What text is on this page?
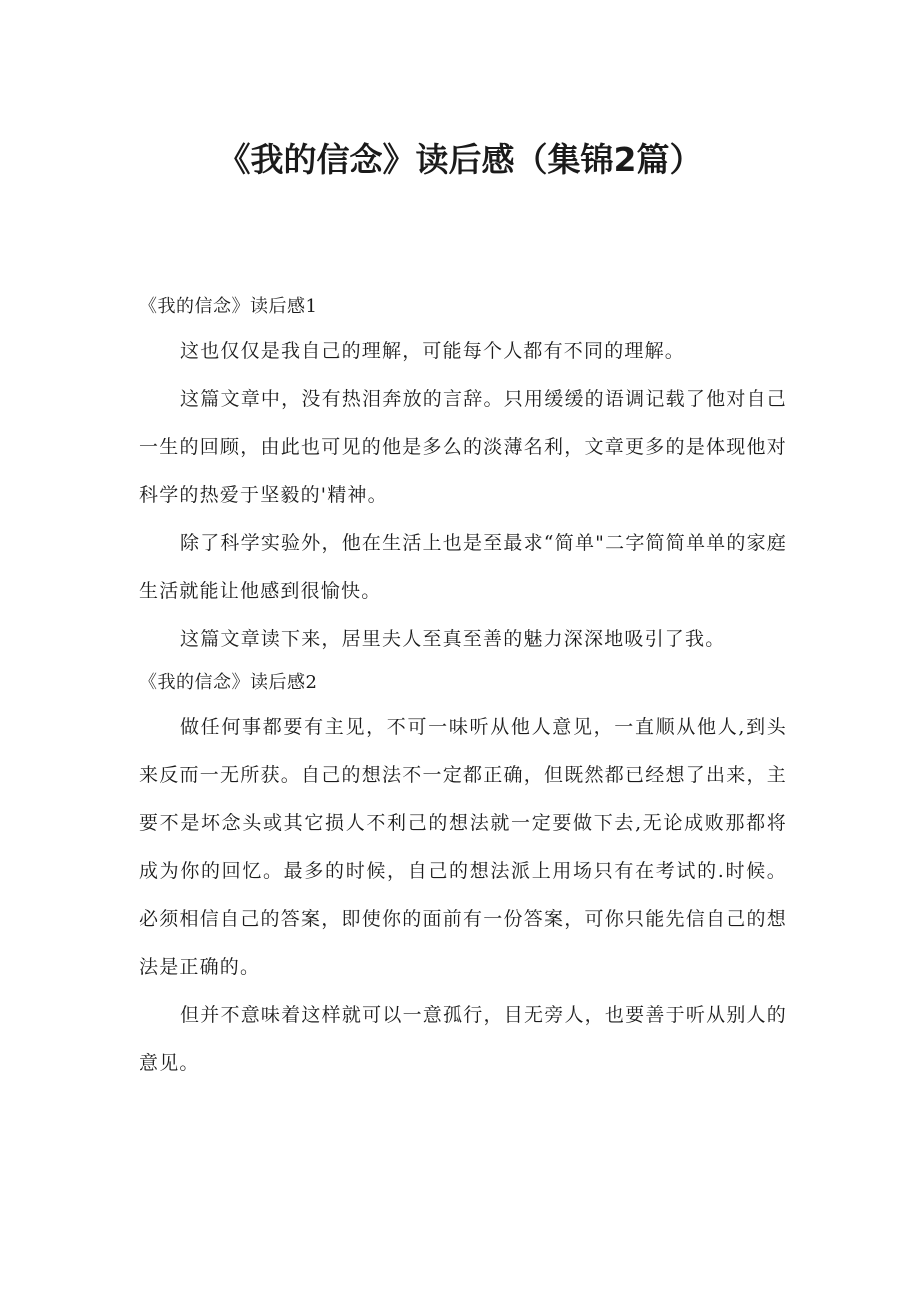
《我的信念》读后感（集锦2篇）
《我的信念》读后感1

这也仅仅是我自己的理解，可能每个人都有不同的理解。

这篇文章中，没有热泪奔放的言辞。只用缓缓的语调记载了他对自己一生的回顾，由此也可见的他是多么的淡薄名利，文章更多的是体现他对科学的热爱于坚毅的'精神。

除了科学实验外，他在生活上也是至最求“简单"二字简简单单的家庭生活就能让他感到很愉快。

这篇文章读下来，居里夫人至真至善的魅力深深地吸引了我。

《我的信念》读后感2

做任何事都要有主见，不可一味听从他人意见，一直顺从他人,到头来反而一无所获。自己的想法不一定都正确，但既然都已经想了出来，主要不是坏念头或其它损人不利己的想法就一定要做下去,无论成败那都将成为你的回忆。最多的时候，自己的想法派上用场只有在考试的.时候。必须相信自己的答案，即使你的面前有一份答案，可你只能先信自己的想法是正确的。

但并不意味着这样就可以一意孤行，目无旁人，也要善于听从别人的意见。
